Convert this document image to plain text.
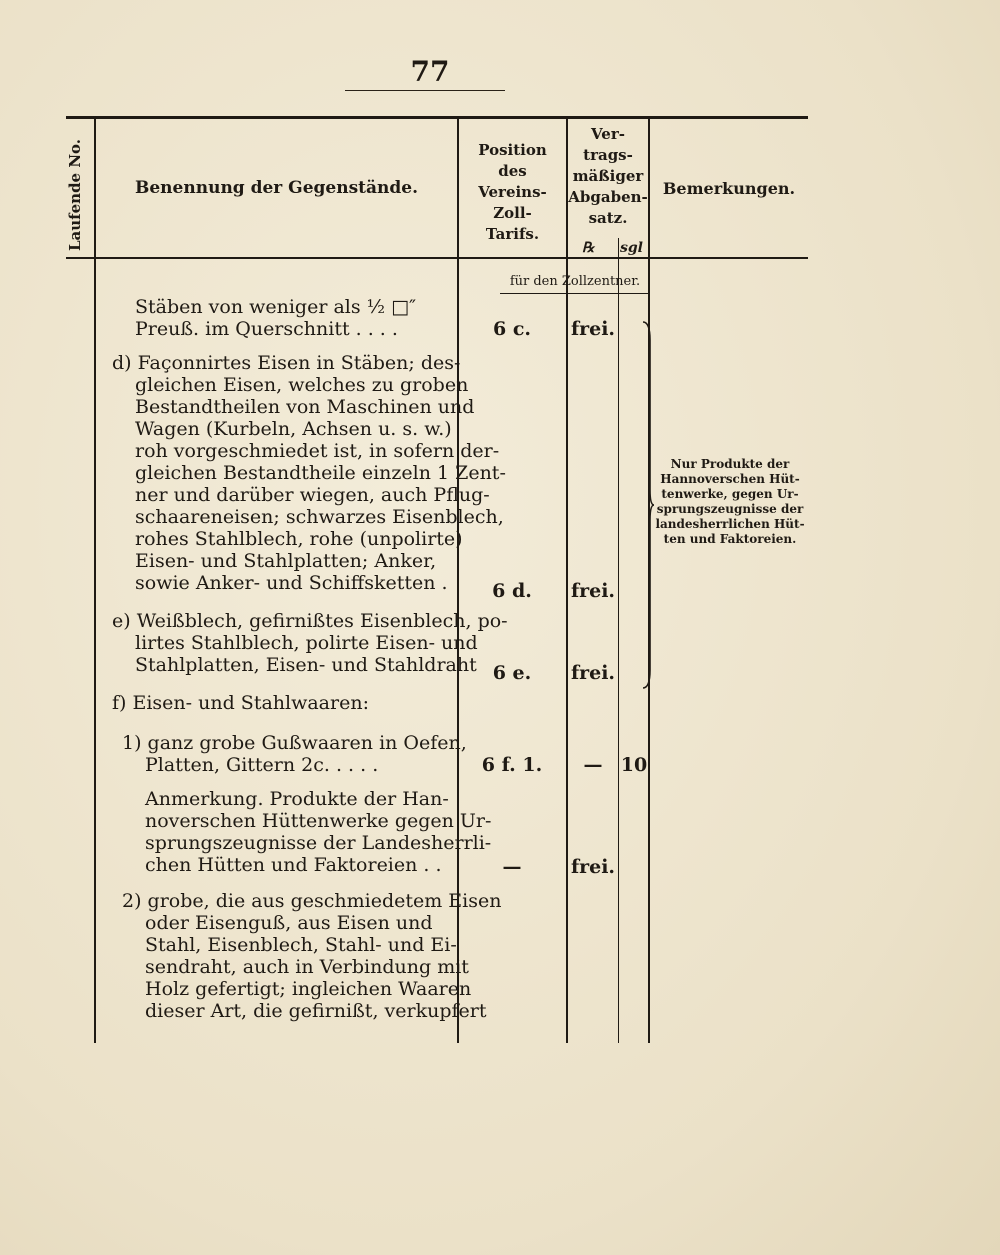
77
Laufende No.	Benennung der Gegenstände.
Position
des
Vereins-
Zoll-
Tarifs.
Ver-
trags-
mäßiger
Abgaben-
satz.
℞ sgl
Bemerkungen.
für den Zollzentner.
Stäben von weniger als ½ □″
Preuß. im Querschnitt . . . .
d) Façonnirtes Eisen in Stäben; des-
gleichen Eisen, welches zu groben
Bestandtheilen von Maschinen und
Wagen (Kurbeln, Achsen u. s. w.)
roh vorgeschmiedet ist, in sofern der-
gleichen Bestandtheile einzeln 1 Zent-
ner und darüber wiegen, auch Pflug-
schaareneisen; schwarzes Eisenblech,
rohes Stahlblech, rohe (unpolirte)
Eisen- und Stahlplatten; Anker,
sowie Anker- und Schiffsketten .
e) Weißblech, gefirnißtes Eisenblech, po-
lirtes Stahlblech, polirte Eisen- und
Stahlplatten, Eisen- und Stahldraht
f) Eisen- und Stahlwaaren:
1) ganz grobe Gußwaaren in Oefen,
Platten, Gittern 2c. . . . .
Anmerkung. Produkte der Han-
noverschen Hüttenwerke gegen Ur-
sprungszeugnisse der Landesherrli-
chen Hütten und Faktoreien . .
2) grobe, die aus geschmiedetem Eisen
oder Eisenguß, aus Eisen und
Stahl, Eisenblech, Stahl- und Ei-
sendraht, auch in Verbindung mit
Holz gefertigt; ingleichen Waaren
dieser Art, die gefirnißt, verkupfert
6 c.
6 d.
6 e.
6 f. 1.
—
frei.
frei.
frei.
— 10
frei.
Nur Produkte der
Hannoverschen Hüt-
tenwerke, gegen Ur-
sprungszeugnisse der
landesherrlichen Hüt-
ten und Faktoreien.
